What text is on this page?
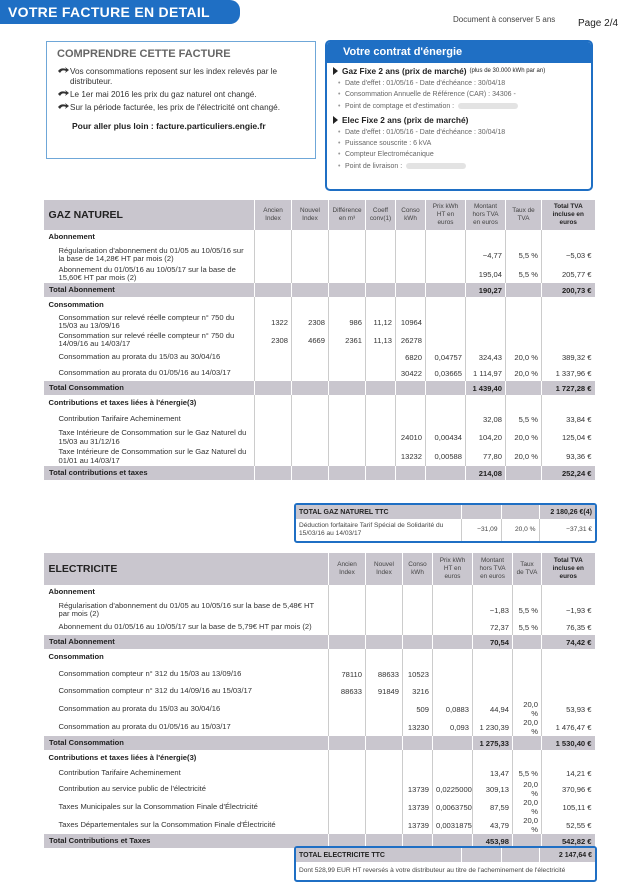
VOTRE FACTURE EN DETAIL	Document à conserver 5 ans Page 2/4
COMPRENDRE CETTE FACTURE
Vos consommations reposent sur les index relevés par le distributeur.
Le 1er mai 2016 les prix du gaz naturel ont changé.
Sur la période facturée, les prix de l'électricité ont changé.
Pour aller plus loin : facture.particuliers.engie.fr
Votre contrat d'énergie
Gaz Fixe 2 ans (prix de marché) (plus de 30.000 kWh par an)
• Date d'effet : 01/05/16 - Date d'échéance : 30/04/18
• Consommation Annuelle de Référence (CAR) : 34306 -
• Point de comptage et d'estimation :
Elec Fixe 2 ans (prix de marché)
• Date d'effet : 01/05/16 - Date d'échéance : 30/04/18
• Puissance souscrite : 6 kVA
• Compteur Electromécanique
• Point de livraison :
GAZ NATUREL	Ancien Index	Nouvel Index	Différence en m³	Coeff conv(1)	Conso kWh	Prix kWh HT en euros	Montant hors TVA en euros	Taux de TVA	Total TVA incluse en euros
Abonnement									
Régularisation d'abonnement du 01/05 au 10/05/16 sur la base de 14,28€ HT par mois (2)							−4,77	5,5 %	−5,03 €
Abonnement du 01/05/16 au 10/05/17 sur la base de 15,60€ HT par mois (2)							195,04	5,5 %	205,77 €
Total Abonnement							190,27		200,73 €
Consommation									
Consommation sur relevé réelle compteur n° 750 du 15/03 au 13/09/16	1322	2308	986	11,12	10964				
Consommation sur relevé réelle compteur n° 750 du 14/09/16 au 14/03/17	2308	4669	2361	11,13	26278				
Consommation au prorata du 15/03 au 30/04/16					6820	0,04757	324,43	20,0 %	389,32 €
Consommation au prorata du 01/05/16 au 14/03/17					30422	0,03665	1 114,97	20,0 %	1 337,96 €
Total Consommation							1 439,40		1 727,28 €
Contributions et taxes liées à l'énergie(3)									
Contribution Tarifaire Acheminement							32,08	5,5 %	33,84 €
Taxe Intérieure de Consommation sur le Gaz Naturel du 15/03 au 31/12/16					24010	0,00434	104,20	20,0 %	125,04 €
Taxe Intérieure de Consommation sur le Gaz Naturel du 01/01 au 14/03/17					13232	0,00588	77,80	20,0 %	93,36 €
Total contributions et taxes							214,08		252,24 €
TOTAL GAZ NATUREL TTC			2 180,26 €(4)
Déduction forfaitaire Tarif Spécial de Solidarité du 15/03/16 au 14/03/17	−31,09	20,0 %	−37,31 €
ELECTRICITE	Ancien Index	Nouvel Index	Conso kWh	Prix kWh HT en euros	Montant hors TVA en euros	Taux de TVA	Total TVA incluse en euros
Abonnement							
Régularisation d'abonnement du 01/05 au 10/05/16 sur la base de 5,48€ HT par mois (2)					−1,83	5,5 %	−1,93 €
Abonnement du 01/05/16 au 10/05/17 sur la base de 5,79€ HT par mois (2)					72,37	5,5 %	76,35 €
Total Abonnement					70,54		74,42 €
Consommation							
Consommation compteur n° 312 du 15/03 au 13/09/16	78110	88633	10523				
Consommation compteur n° 312 du 14/09/16 au 15/03/17	88633	91849	3216				
Consommation au prorata du 15/03 au 30/04/16			509	0,0883	44,94	20,0 %	53,93 €
Consommation au prorata du 01/05/16 au 15/03/17			13230	0,093	1 230,39	20,0 %	1 476,47 €
Total Consommation					1 275,33		1 530,40 €
Contributions et taxes liées à l'énergie(3)							
Contribution Tarifaire Acheminement					13,47	5,5 %	14,21 €
Contribution au service public de l'électricité			13739	0,0225000	309,13	20,0 %	370,96 €
Taxes Municipales sur la Consommation Finale d'Électricité			13739	0,0063750	87,59	20,0 %	105,11 €
Taxes Départementales sur la Consommation Finale d'Électricité			13739	0,0031875	43,79	20,0 %	52,55 €
Total Contributions et Taxes					453,98		542,82 €
TOTAL ELECTRICITE TTC			2 147,64 €
Dont 528,99 EUR HT reversés à votre distributeur au titre de l'acheminement de l'électricité
